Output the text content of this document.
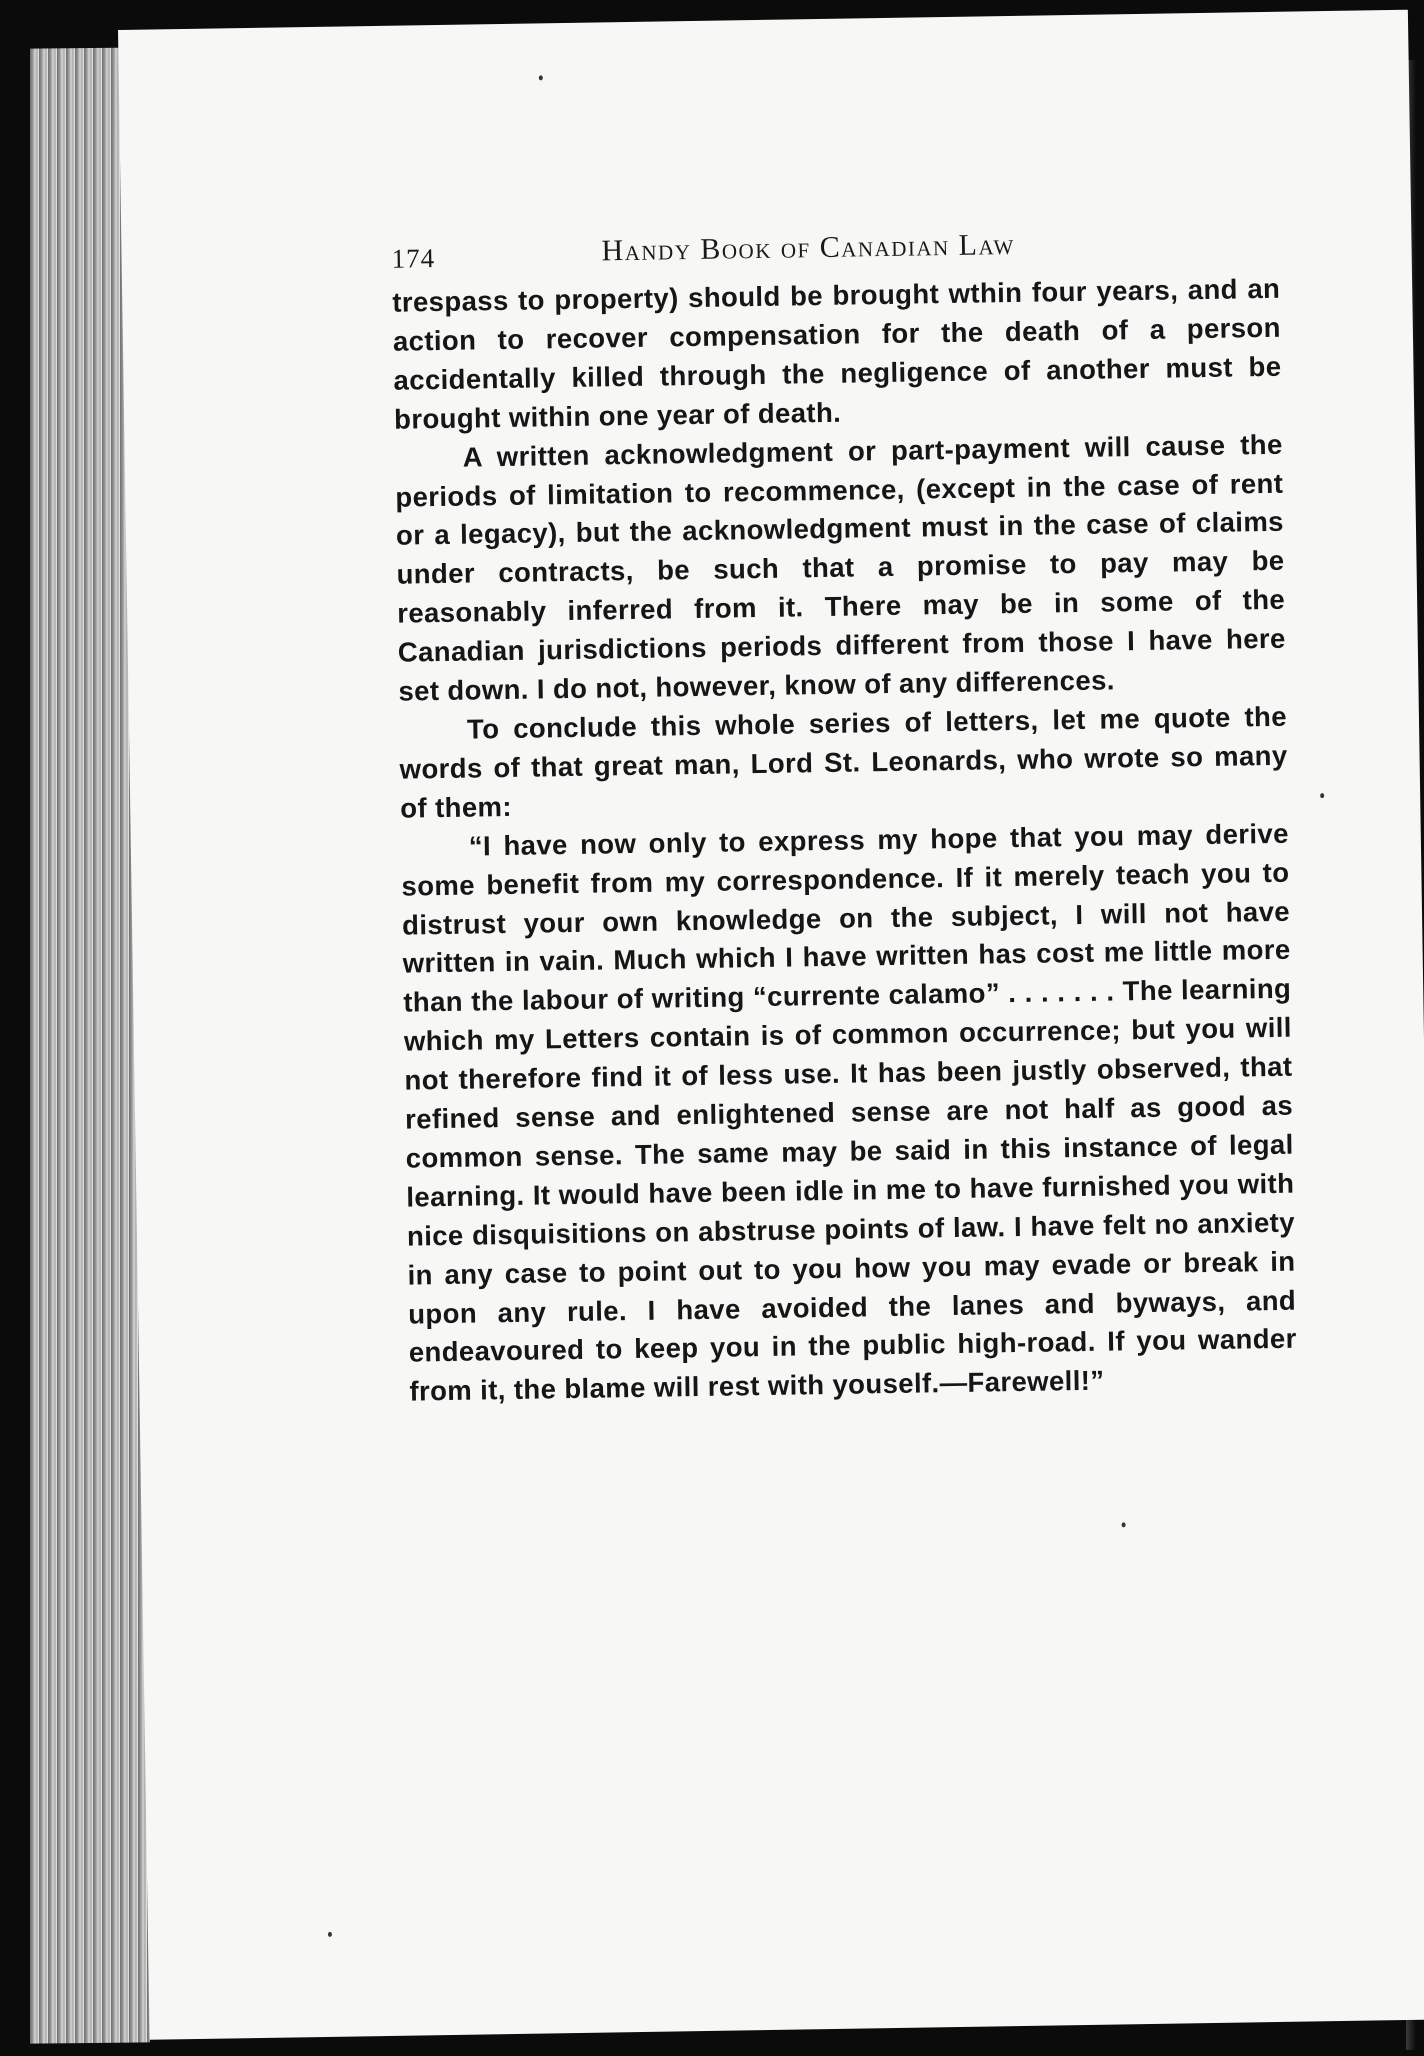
174	Handy Book of Canadian Law

trespass to property) should be brought wthin four years, and an action to recover compensation for the death of a person accidentally killed through the negligence of another must be brought within one year of death.

A written acknowledgment or part-payment will cause the periods of limitation to recommence, (except in the case of rent or a legacy), but the acknowledgment must in the case of claims under contracts, be such that a promise to pay may be reasonably inferred from it. There may be in some of the Canadian jurisdictions periods different from those I have here set down. I do not, however, know of any differences.

To conclude this whole series of letters, let me quote the words of that great man, Lord St. Leonards, who wrote so many of them:

“I have now only to express my hope that you may derive some benefit from my correspondence. If it merely teach you to distrust your own knowledge on the subject, I will not have written in vain. Much which I have written has cost me little more than the labour of writing “currente calamo” . . . . . . . The learning which my Letters contain is of common occurrence; but you will not therefore find it of less use. It has been justly observed, that refined sense and enlightened sense are not half as good as common sense. The same may be said in this instance of legal learning. It would have been idle in me to have furnished you with nice disquisitions on abstruse points of law. I have felt no anxiety in any case to point out to you how you may evade or break in upon any rule. I have avoided the lanes and byways, and endeavoured to keep you in the public high-road. If you wander from it, the blame will rest with youself.—Farewell!”
